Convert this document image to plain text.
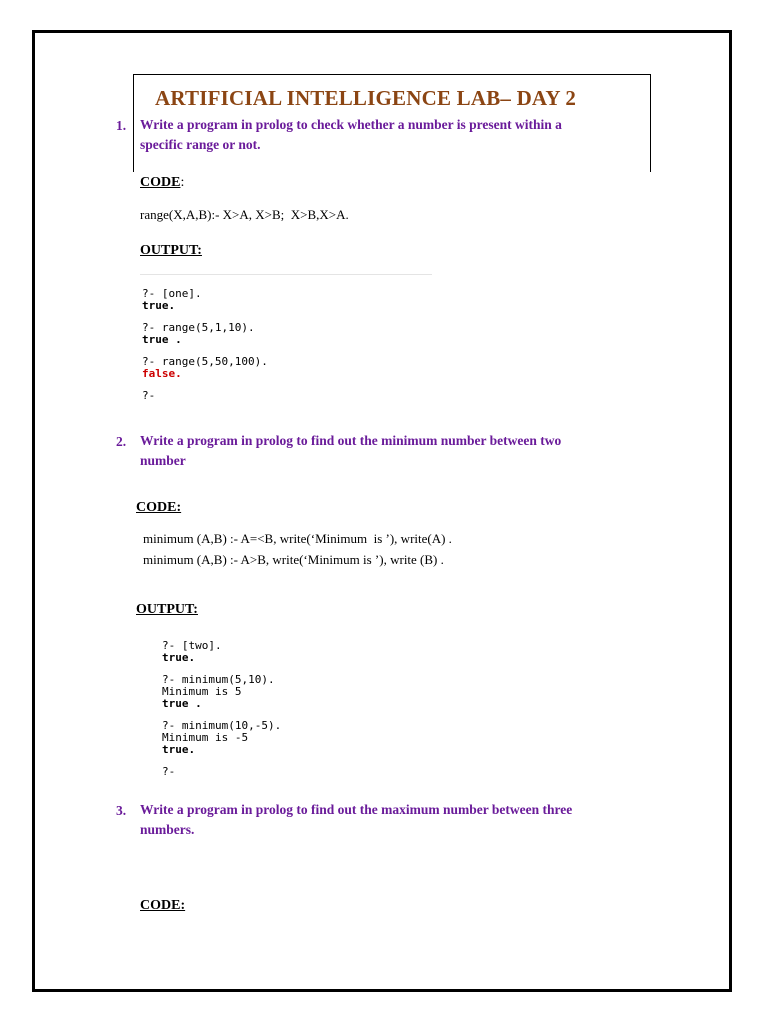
ARTIFICIAL INTELLIGENCE LAB– DAY 2
1. Write a program in prolog to check whether a number is present within a
specific range or not.
CODE:
range(X,A,B):- X>A, X>B;  X>B,X>A.
OUTPUT:
?- [one].
true.
?- range(5,1,10).
true .
?- range(5,50,100).
false.
?-
2. Write a program in prolog to find out the minimum number between two
number
CODE:
minimum (A,B) :- A=<B, write(‘Minimum  is ’), write(A) .
minimum (A,B) :- A>B, write(‘Minimum is ’), write (B) .
OUTPUT:
?- [two].
true.
?- minimum(5,10).
Minimum is 5
true .
?- minimum(10,-5).
Minimum is -5
true.
?-
3. Write a program in prolog to find out the maximum number between three
numbers.
CODE:
